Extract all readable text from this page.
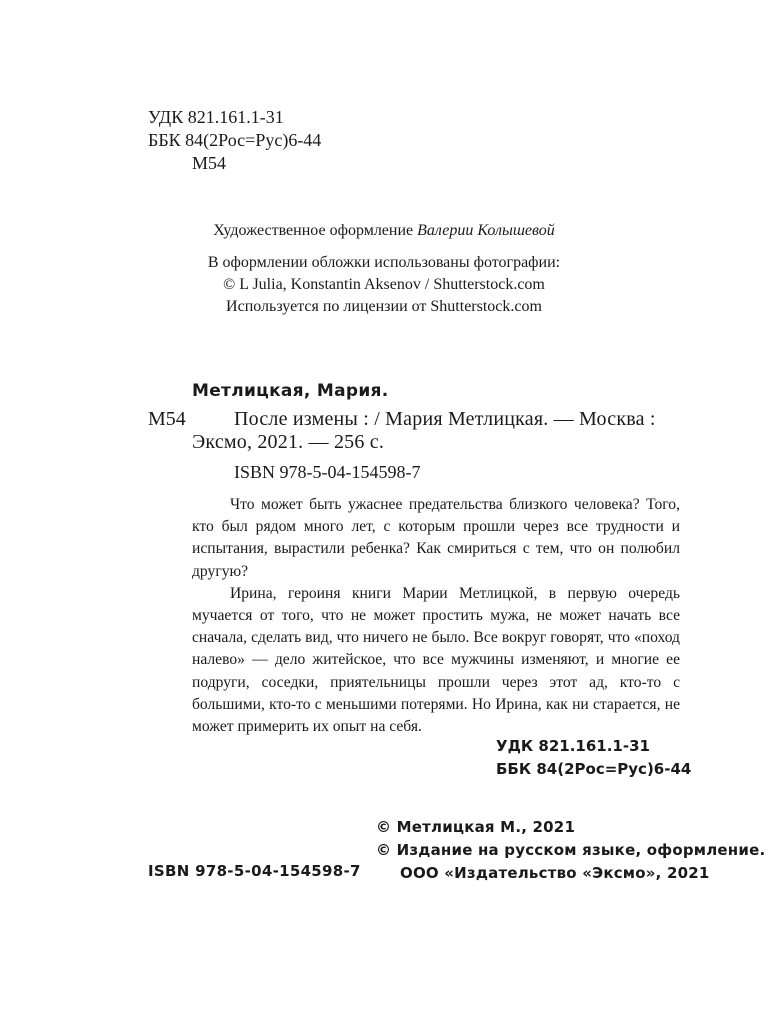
УДК 821.161.1-31
ББК 84(2Рос=Рус)6-44
М54
Художественное оформление Валерии Колышевой
В оформлении обложки использованы фотографии:
© L Julia, Konstantin Aksenov / Shutterstock.com
Используется по лицензии от Shutterstock.com
Метлицкая, Мария.
М54 После измены : / Мария Метлицкая. — Москва :
Эксмо, 2021. — 256 с.
ISBN 978-5-04-154598-7

Что может быть ужаснее предательства близкого человека? Того, кто был рядом много лет, с которым прошли через все трудности и испытания, вырастили ребенка? Как смириться с тем, что он полюбил другую?

Ирина, героиня книги Марии Метлицкой, в первую очередь мучается от того, что не может простить мужа, не может начать все сначала, сделать вид, что ничего не было. Все вокруг говорят, что «поход налево» — дело житейское, что все мужчины изменяют, и многие ее подруги, соседки, приятельницы прошли через этот ад, кто-то с большими, кто-то с меньшими потерями. Но Ирина, как ни старается, не может примерить их опыт на себя.

УДК 821.161.1-31
ББК 84(2Рос=Рус)6-44
© Метлицкая М., 2021
© Издание на русском языке, оформление.
ООО «Издательство «Эксмо», 2021
ISBN 978-5-04-154598-7
